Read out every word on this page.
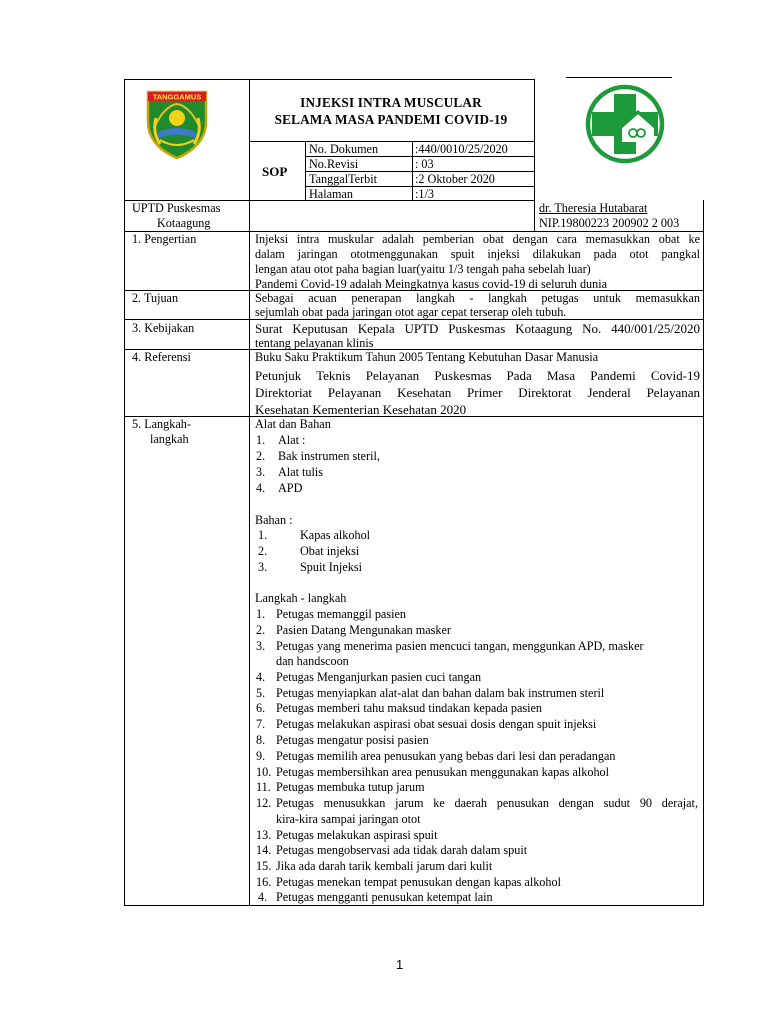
TANGGAMUS	INJEKSI INTRA MUSCULAR
SELAMA MASA PANDEMI COVID-19
SOP
No. Dokumen	:440/0010/25/2020
No.Revisi	: 03
TanggalTerbit	:2 Oktober 2020
Halaman	:1/3
UPTD Puskesmas
Kotaagung
dr. Theresia Hutabarat
NIP.19800223 200902 2 003
1. Pengertian	Injeksi intra muskular adalah pemberian obat dengan cara memasukkan obat ke
dalam jaringan ototmenggunakan spuit injeksi dilakukan pada otot pangkal
lengan atau otot paha bagian luar(yaitu 1/3 tengah paha sebelah luar)
Pandemi Covid-19 adalah Meingkatnya kasus covid-19 di seluruh dunia
2. Tujuan	Sebagai acuan penerapan langkah - langkah petugas untuk memasukkan
sejumlah obat pada jaringan otot agar cepat terserap oleh tubuh.
3. Kebijakan	Surat Keputusan Kepala UPTD Puskesmas Kotaagung No. 440/001/25/2020
tentang pelayanan klinis
4. Referensi	Buku Saku Praktikum Tahun 2005 Tentang Kebutuhan Dasar Manusia
Petunjuk Teknis Pelayanan Puskesmas Pada Masa Pandemi Covid-19
Direktoriat Pelayanan Kesehatan Primer Direktorat Jenderal Pelayanan
Kesehatan Kementerian Kesehatan 2020
5. Langkah-
langkah
Alat dan Bahan
1. Alat :
2. Bak instrumen steril,
3. Alat tulis
4. APD
Bahan :
1.	Kapas alkohol
2.	Obat injeksi
3.	Spuit Injeksi
Langkah - langkah
1. Petugas memanggil pasien
2. Pasien Datang Mengunakan masker
3. Petugas yang menerima pasien mencuci tangan, menggunkan APD, masker
dan handscoon
4. Petugas Menganjurkan pasien cuci tangan
5. Petugas menyiapkan alat-alat dan bahan dalam bak instrumen steril
6. Petugas memberi tahu maksud tindakan kepada pasien
7. Petugas melakukan aspirasi obat sesuai dosis dengan spuit injeksi
8. Petugas mengatur posisi pasien
9. Petugas memilih area penusukan yang bebas dari lesi dan peradangan
10. Petugas membersihkan area penusukan menggunakan kapas alkohol
11. Petugas membuka tutup jarum
12. Petugas menusukkan jarum ke daerah penusukan dengan sudut 90 derajat,
kira-kira sampai jaringan otot
13. Petugas melakukan aspirasi spuit
14. Petugas mengobservasi ada tidak darah dalam spuit
15. Jika ada darah tarik kembali jarum dari kulit
16. Petugas menekan tempat penusukan dengan kapas alkohol
4. Petugas mengganti penusukan ketempat lain
1
